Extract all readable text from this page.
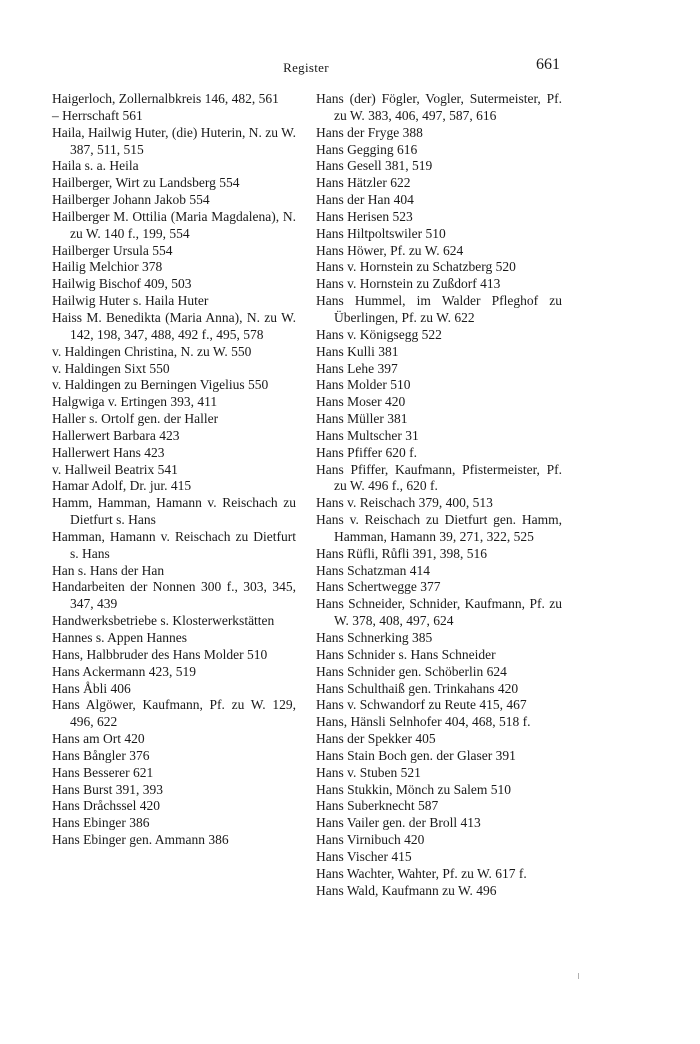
Register	661

Haigerloch, Zollernalbkreis 146, 482, 561

– Herrschaft 561

Haila, Hailwig Huter, (die) Huterin, N. zu W. 387, 511, 515

Haila s. a. Heila

Hailberger, Wirt zu Landsberg 554

Hailberger Johann Jakob 554

Hailberger M. Ottilia (Maria Magdalena), N. zu W. 140 f., 199, 554

Hailberger Ursula 554

Hailig Melchior 378

Hailwig Bischof 409, 503

Hailwig Huter s. Haila Huter

Haiss M. Benedikta (Maria Anna), N. zu W. 142, 198, 347, 488, 492 f., 495, 578

v. Haldingen Christina, N. zu W. 550

v. Haldingen Sixt 550

v. Haldingen zu Berningen Vigelius 550

Halgwiga v. Ertingen 393, 411

Haller s. Ortolf gen. der Haller

Hallerwert Barbara 423

Hallerwert Hans 423

v. Hallweil Beatrix 541

Hamar Adolf, Dr. jur. 415

Hamm, Hamman, Hamann v. Reischach zu Dietfurt s. Hans

Hamman, Hamann v. Reischach zu Dietfurt s. Hans

Han s. Hans der Han

Handarbeiten der Nonnen 300 f., 303, 345, 347, 439

Handwerksbetriebe s. Klosterwerkstätten

Hannes s. Appen Hannes

Hans, Halbbruder des Hans Molder 510

Hans Ackermann 423, 519

Hans Åbli 406

Hans Algöwer, Kaufmann, Pf. zu W. 129, 496, 622

Hans am Ort 420

Hans Bångler 376

Hans Besserer 621

Hans Burst 391, 393

Hans Dråchssel 420

Hans Ebinger 386

Hans Ebinger gen. Ammann 386

Hans (der) Fögler, Vogler, Sutermeister, Pf. zu W. 383, 406, 497, 587, 616

Hans der Fryge 388

Hans Gegging 616

Hans Gesell 381, 519

Hans Hätzler 622

Hans der Han 404

Hans Herisen 523

Hans Hiltpoltswiler 510

Hans Höwer, Pf. zu W. 624

Hans v. Hornstein zu Schatzberg 520

Hans v. Hornstein zu Zußdorf 413

Hans Hummel, im Walder Pfleghof zu Überlingen, Pf. zu W. 622

Hans v. Königsegg 522

Hans Kulli 381

Hans Lehe 397

Hans Molder 510

Hans Moser 420

Hans Müller 381

Hans Multscher 31

Hans Pfiffer 620 f.

Hans Pfiffer, Kaufmann, Pfistermeister, Pf. zu W. 496 f., 620 f.

Hans v. Reischach 379, 400, 513

Hans v. Reischach zu Dietfurt gen. Hamm, Hamman, Hamann 39, 271, 322, 525

Hans Rüfli, Růfli 391, 398, 516

Hans Schatzman 414

Hans Schertwegge 377

Hans Schneider, Schnider, Kaufmann, Pf. zu W. 378, 408, 497, 624

Hans Schnerking 385

Hans Schnider s. Hans Schneider

Hans Schnider gen. Schöberlin 624

Hans Schulthaiß gen. Trinkahans 420

Hans v. Schwandorf zu Reute 415, 467

Hans, Hänsli Selnhofer 404, 468, 518 f.

Hans der Spekker 405

Hans Stain Boch gen. der Glaser 391

Hans v. Stuben 521

Hans Stukkin, Mönch zu Salem 510

Hans Suberknecht 587

Hans Vailer gen. der Broll 413

Hans Virnibuch 420

Hans Vischer 415

Hans Wachter, Wahter, Pf. zu W. 617 f.

Hans Wald, Kaufmann zu W. 496
